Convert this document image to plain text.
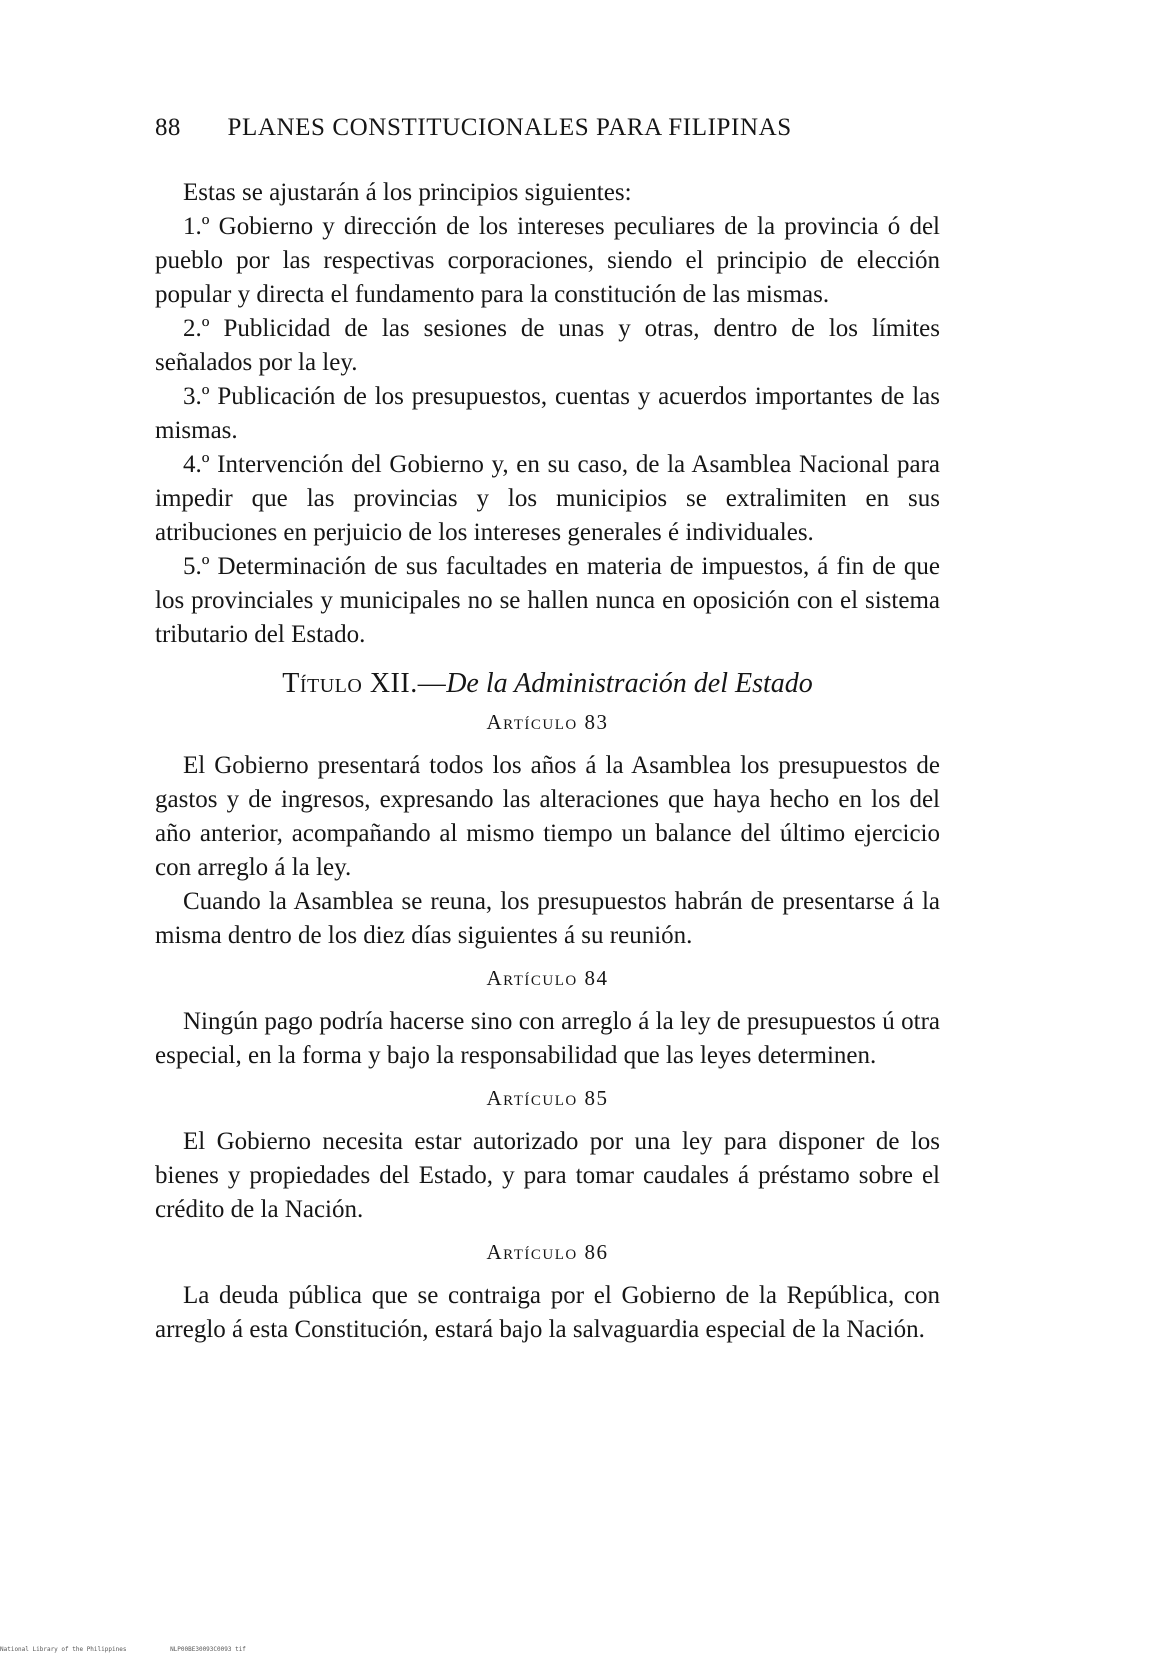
88 PLANES CONSTITUCIONALES PARA FILIPINAS

Estas se ajustarán á los principios siguientes:

1.º Gobierno y dirección de los intereses peculiares de la provincia ó del pueblo por las respectivas corporaciones, siendo el principio de elección popular y directa el fundamento para la constitución de las mismas.

2.º Publicidad de las sesiones de unas y otras, dentro de los límites señalados por la ley.

3.º Publicación de los presupuestos, cuentas y acuerdos importantes de las mismas.

4.º Intervención del Gobierno y, en su caso, de la Asamblea Nacional para impedir que las provincias y los municipios se extralimiten en sus atribuciones en perjuicio de los intereses generales é individuales.

5.º Determinación de sus facultades en materia de impuestos, á fin de que los provinciales y municipales no se hallen nunca en oposición con el sistema tributario del Estado.

Título XII.—De la Administración del Estado
Artículo 83

El Gobierno presentará todos los años á la Asamblea los presupuestos de gastos y de ingresos, expresando las alteraciones que haya hecho en los del año anterior, acompañando al mismo tiempo un balance del último ejercicio con arreglo á la ley.

Cuando la Asamblea se reuna, los presupuestos habrán de presentarse á la misma dentro de los diez días siguientes á su reunión.

Artículo 84

Ningún pago podría hacerse sino con arreglo á la ley de presupuestos ú otra especial, en la forma y bajo la responsabilidad que las leyes determinen.

Artículo 85

El Gobierno necesita estar autorizado por una ley para disponer de los bienes y propiedades del Estado, y para tomar caudales á préstamo sobre el crédito de la Nación.

Artículo 86

La deuda pública que se contraiga por el Gobierno de la República, con arreglo á esta Constitución, estará bajo la salvaguardia especial de la Nación.

National Library of the Philippines	NLP00BE30093C0093 tif
